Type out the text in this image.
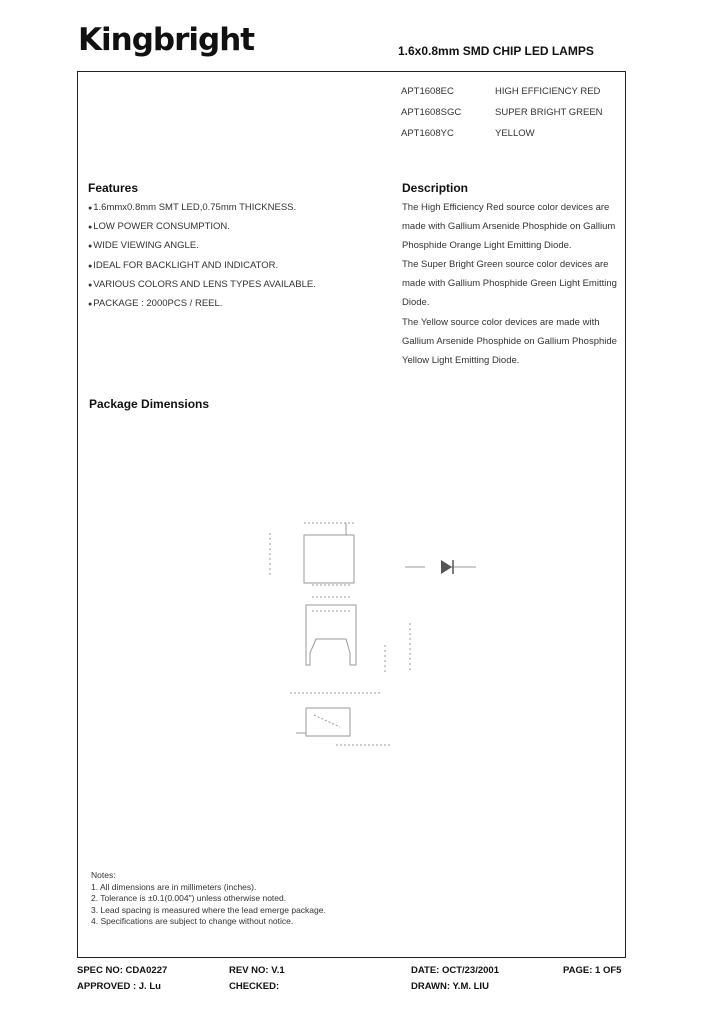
Kingbright	1.6x0.8mm SMD CHIP LED LAMPS
APT1608EC	HIGH EFFICIENCY RED
APT1608SGC	SUPER BRIGHT GREEN
APT1608YC	YELLOW
Features
●1.6mmx0.8mm SMT LED,0.75mm THICKNESS.
●LOW POWER CONSUMPTION.
●WIDE VIEWING ANGLE.
●IDEAL FOR BACKLIGHT AND INDICATOR.
●VARIOUS COLORS AND LENS TYPES AVAILABLE.
●PACKAGE : 2000PCS / REEL.
Description
The High Efficiency Red source color devices are
made with Gallium Arsenide Phosphide on Gallium
Phosphide Orange Light Emitting Diode.
The Super Bright Green source color devices are
made with Gallium Phosphide Green Light Emitting
Diode.
The Yellow source color devices are made with
Gallium Arsenide Phosphide on Gallium Phosphide
Yellow Light Emitting Diode.
Package Dimensions
Notes:
1. All dimensions are in millimeters (inches).
2. Tolerance is ±0.1(0.004") unless otherwise noted.
3. Lead spacing is measured where the lead emerge package.
4. Specifications are subject to change without notice.
SPEC NO: CDA0227	REV NO: V.1	DATE: OCT/23/2001	PAGE: 1 OF5
APPROVED : J. Lu	CHECKED:	DRAWN: Y.M. LIU
